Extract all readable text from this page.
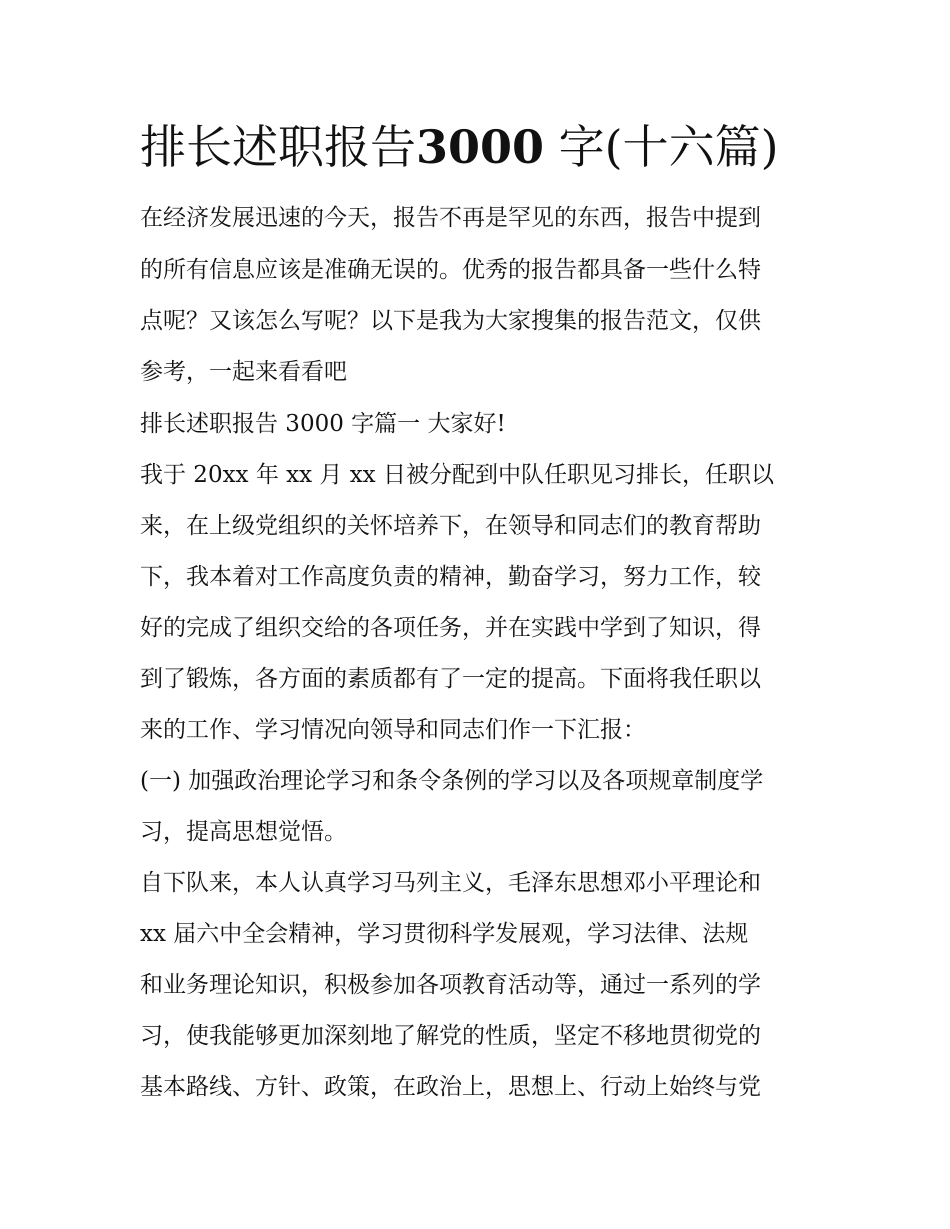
排长述职报告3000 字(十六篇)
在经济发展迅速的今天，报告不再是罕见的东西，报告中提到
的所有信息应该是准确无误的。优秀的报告都具备一些什么特
点呢？又该怎么写呢？以下是我为大家搜集的报告范文，仅供
参考，一起来看看吧
排长述职报告 3000 字篇一 大家好!
我于 20xx 年 xx 月 xx 日被分配到中队任职见习排长，任职以
来，在上级党组织的关怀培养下，在领导和同志们的教育帮助
下，我本着对工作高度负责的精神，勤奋学习，努力工作，较
好的完成了组织交给的各项任务，并在实践中学到了知识，得
到了锻炼，各方面的素质都有了一定的提高。下面将我任职以
来的工作、学习情况向领导和同志们作一下汇报：
(一) 加强政治理论学习和条令条例的学习以及各项规章制度学
习，提高思想觉悟。
自下队来，本人认真学习马列主义，毛泽东思想邓小平理论和
xx 届六中全会精神，学习贯彻科学发展观，学习法律、法规
和业务理论知识，积极参加各项教育活动等，通过一系列的学
习，使我能够更加深刻地了解党的性质，坚定不移地贯彻党的
基本路线、方针、政策，在政治上，思想上、行动上始终与党
